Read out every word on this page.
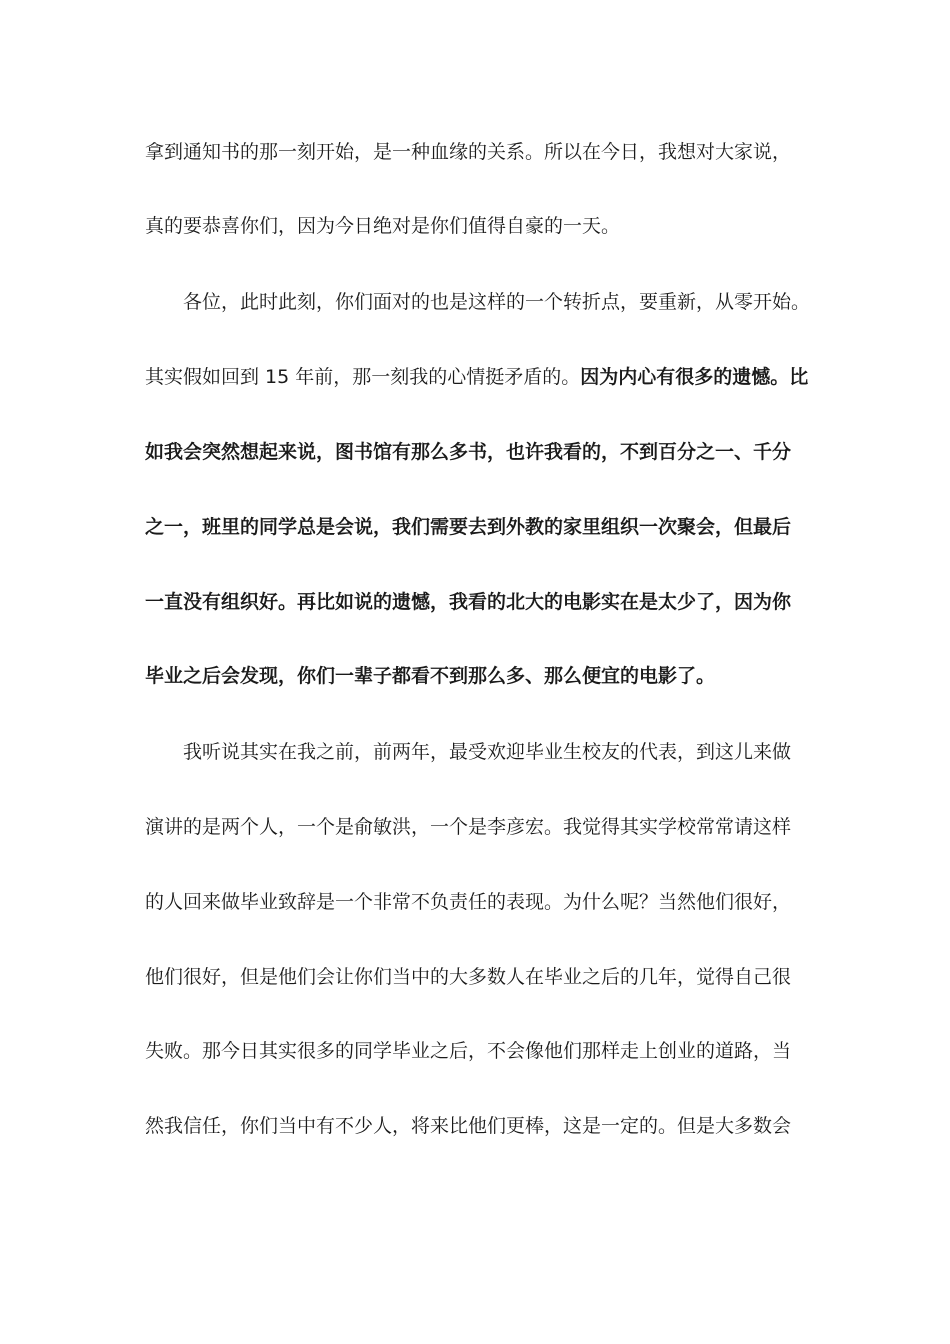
拿到通知书的那一刻开始，是一种血缘的关系。所以在今日，我想对大家说，
真的要恭喜你们，因为今日绝对是你们值得自豪的一天。
各位，此时此刻，你们面对的也是这样的一个转折点，要重新，从零开始。
其实假如回到 15 年前，那一刻我的心情挺矛盾的。因为内心有很多的遗憾。比
如我会突然想起来说，图书馆有那么多书，也许我看的，不到百分之一、千分
之一，班里的同学总是会说，我们需要去到外教的家里组织一次聚会，但最后
一直没有组织好。再比如说的遗憾，我看的北大的电影实在是太少了，因为你
毕业之后会发现，你们一辈子都看不到那么多、那么便宜的电影了。
我听说其实在我之前，前两年，最受欢迎毕业生校友的代表，到这儿来做
演讲的是两个人，一个是俞敏洪，一个是李彦宏。我觉得其实学校常常请这样
的人回来做毕业致辞是一个非常不负责任的表现。为什么呢？当然他们很好，
他们很好，但是他们会让你们当中的大多数人在毕业之后的几年，觉得自己很
失败。那今日其实很多的同学毕业之后，不会像他们那样走上创业的道路，当
然我信任，你们当中有不少人，将来比他们更棒，这是一定的。但是大多数会
